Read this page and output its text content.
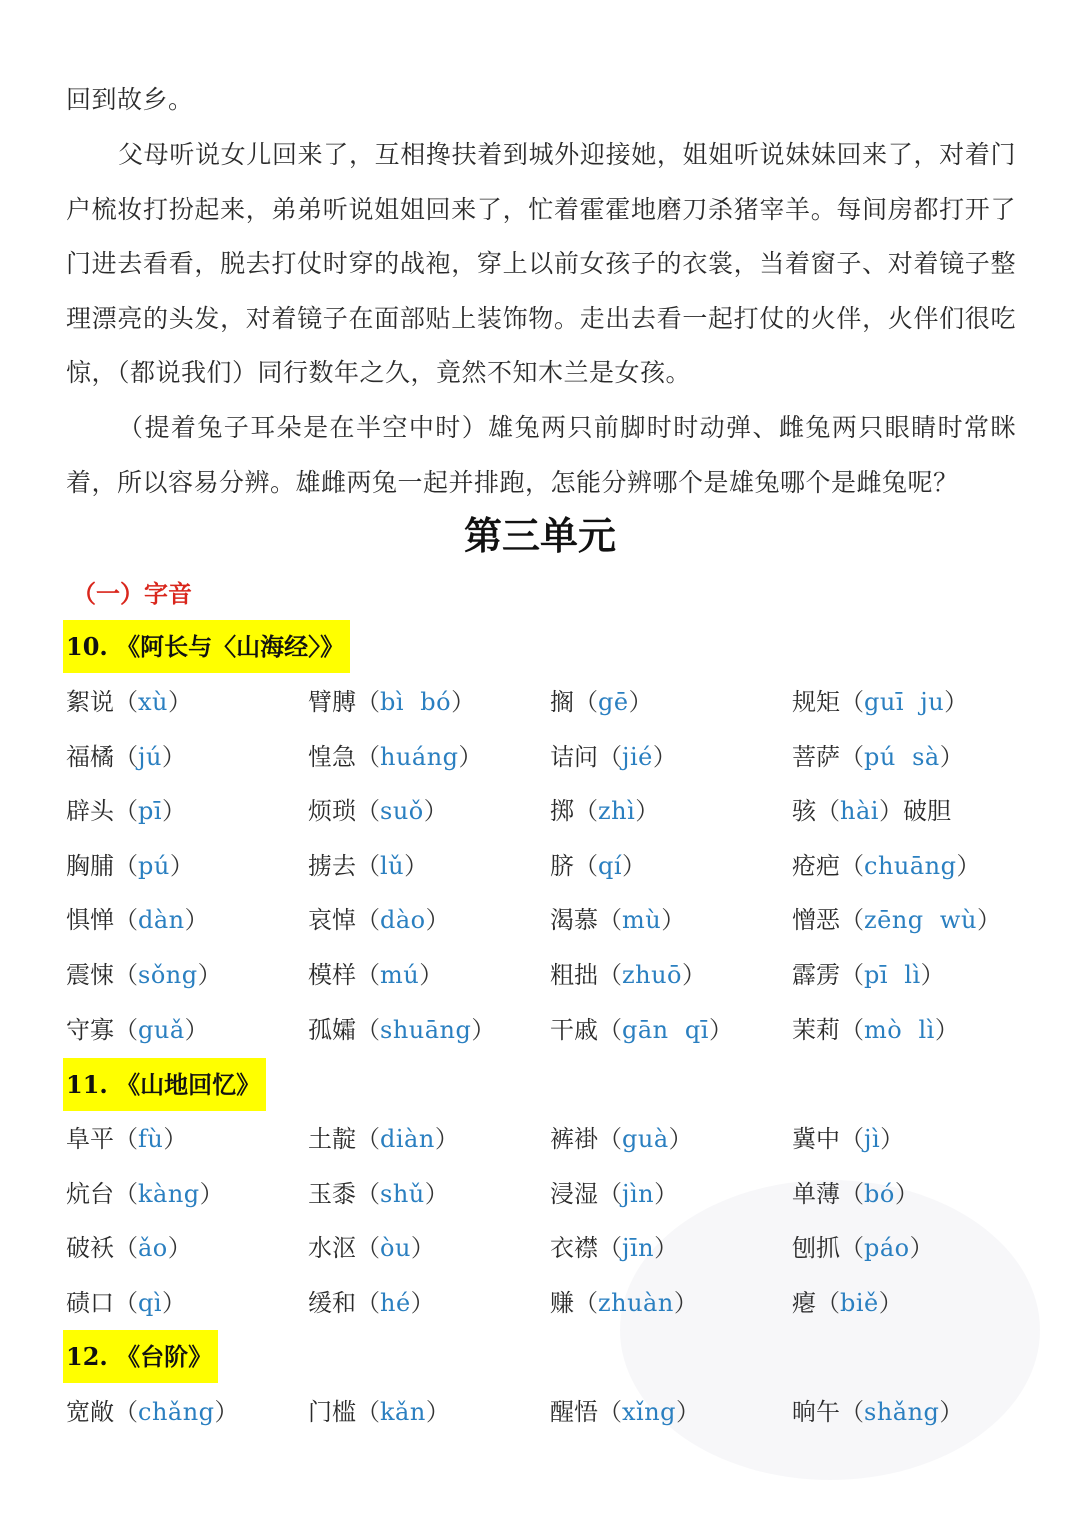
回到故乡。

父母听说女儿回来了，互相搀扶着到城外迎接她，姐姐听说妹妹回来了，对着门户梳妆打扮起来，弟弟听说姐姐回来了，忙着霍霍地磨刀杀猪宰羊。每间房都打开了门进去看看，脱去打仗时穿的战袍，穿上以前女孩子的衣裳，当着窗子、对着镜子整理漂亮的头发，对着镜子在面部贴上装饰物。走出去看一起打仗的火伴，火伴们很吃惊，（都说我们）同行数年之久，竟然不知木兰是女孩。

（提着兔子耳朵是在半空中时）雄兔两只前脚时时动弹、雌兔两只眼睛时常眯着，所以容易分辨。雄雌两兔一起并排跑，怎能分辨哪个是雄兔哪个是雌兔呢？

第三单元
（一）字音
10. 《阿长与〈山海经〉》
絮说（xù）	臂膊（bì  bó）	搁（gē）	规矩（guī  ju）
福橘（jú）	惶急（huáng）	诘问（jié）	菩萨（pú  sà）
辟头（pī）	烦琐（suǒ）	掷（zhì）	骇（hài）破胆
胸脯（pú）	掳去（lǔ）	脐（qí）	疮疤（chuāng）
惧惮（dàn）	哀悼（dào）	渴慕（mù）	憎恶（zēng  wù）
震悚（sǒng）	模样（mú）	粗拙（zhuō）	霹雳（pī  lì）
守寡（guǎ）	孤孀（shuāng）	干戚（gān  qī）	茉莉（mò  lì）
11. 《山地回忆》
阜平（fù）	土靛（diàn）	裤褂（guà）	冀中（jì）
炕台（kàng）	玉黍（shǔ）	浸湿（jìn）	单薄（bó）
破袄（ǎo）	水沤（òu）	衣襟（jīn）	刨抓（páo）
碛口（qì）	缓和（hé）	赚（zhuàn）	瘪（biě）
12. 《台阶》
宽敞（chǎng）	门槛（kǎn）	醒悟（xǐng）	晌午（shǎng）
